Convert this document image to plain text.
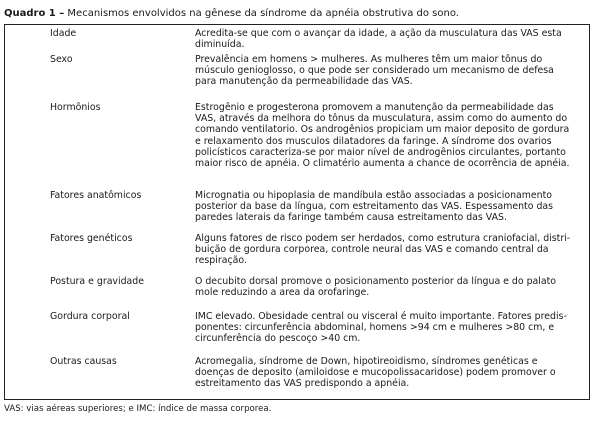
Quadro 1 – Mecanismos envolvidos na gênese da síndrome da apnéia obstrutiva do sono.
Idade	Acredita-se que com o avançar da idade, a ação da musculatura das VAS esta
diminuída.
Sexo	Prevalência em homens > mulheres. As mulheres têm um maior tônus do
músculo genioglosso, o que pode ser considerado um mecanismo de defesa
para manutenção da permeabilidade das VAS.
Hormônios	Estrogênio e progesterona promovem a manutenção da permeabilidade das
VAS, através da melhora do tônus da musculatura, assim como do aumento do
comando ventilatorio. Os androgênios propiciam um maior deposito de gordura
e relaxamento dos musculos dilatadores da faringe. A síndrome dos ovarios
policísticos caracteriza-se por maior nível de androgênios circulantes, portanto
maior risco de apnéia. O climatério aumenta a chance de ocorrência de apnéia.
Fatores anatômicos	Micrognatia ou hipoplasia de mandíbula estão associadas a posicionamento
posterior da base da língua, com estreitamento das VAS. Espessamento das
paredes laterais da faringe também causa estreitamento das VAS.
Fatores genéticos	Alguns fatores de risco podem ser herdados, como estrutura craniofacial, distri-
buição de gordura corporea, controle neural das VAS e comando central da
respiração.
Postura e gravidade	O decubito dorsal promove o posicionamento posterior da língua e do palato
mole reduzindo a area da orofaringe.
Gordura corporal	IMC elevado. Obesidade central ou visceral é muito importante. Fatores predis-
ponentes: circunferência abdominal, homens >94 cm e mulheres >80 cm, e
circunferência do pescoço >40 cm.
Outras causas	Acromegalia, síndrome de Down, hipotireoidismo, síndromes genéticas e
doenças de deposito (amiloidose e mucopolissacaridose) podem promover o
estreitamento das VAS predispondo a apnéia.
VAS: vias aéreas superiores; e IMC: índice de massa corporea.
